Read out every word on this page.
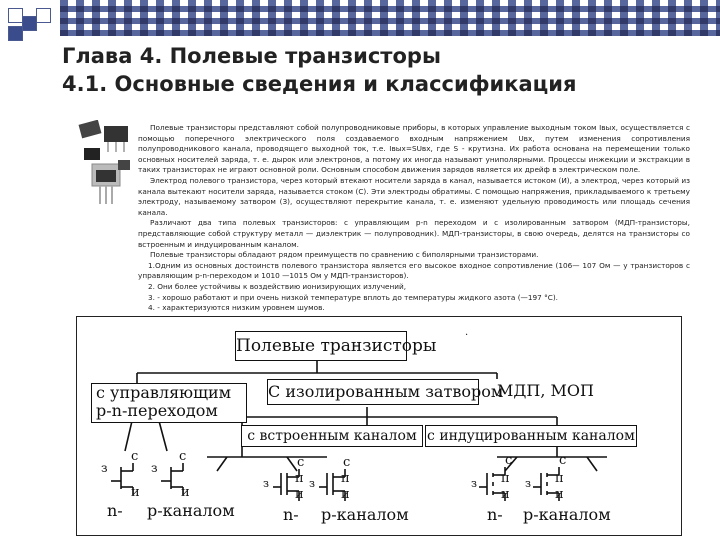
Глава 4. Полевые транзисторы
4.1. Основные сведения и классификация

Полевые транзисторы представляют собой полупроводниковые приборы, в которых управление выходным током Iвых, осуществляется с помощью поперечного электрического поля создаваемого входным напряжением Uвх, путем изменения сопротивления полупроводникового канала, проводящего выходной ток, т.е. Iвых=SUвх, где S - крутизна. Их работа основана на перемещении только основных носителей заряда, т. е. дырок или электронов, а потому их иногда называют униполярными. Процессы инжекции и экстракции в таких транзисторах не играют основной роли. Основным способом движения зарядов является их дрейф в электрическом поле.

Электрод полевого транзистора, через который втекают носители заряда в канал, называется истоком (И), а электрод, через который из канала вытекают носители заряда, называется стоком (С). Эти электроды обратимы. С помощью напряжения, прикладываемого к третьему электроду, называемому затвором (З), осуществляют перекрытие канала, т. е. изменяют удельную проводимость или площадь сечения канала.

Различают два типа полевых транзисторов: с управляющим p-n переходом и с изолированным затвором (МДП-транзисторы, представляющие собой структуру металл — диэлектрик — полупроводник). МДП-транзисторы, в свою очередь, делятся на транзисторы со встроенным и индуцированным каналом.

Полевые транзисторы обладают рядом преимуществ по сравнению с биполярными транзисторами.

1.Одним из основных достоинств полевого транзистора является его высокое входное сопротивление (106— 107 Ом — у транзисторов с управляющим p-n-переходом и 1010 —1015 Ом у МДП-транзисторов).

2. Они более устойчивы к воздействию ионизирующих излучений,

3. - хорошо работают и при очень низкой температуре вплоть до температуры жидкого азота (—197 °С).

4. - характеризуются низким уровнем шумов.

Полевые транзисторы
с управляющим
p-n-переходом
С изолированным затвором
МДП, МОП
с встроенным каналом с индуцированным каналом
.
з
с
и
з
с
и
n- p-каналом
з
с
п
и
з
с
п
и
n- p-каналом
з
с
п
и
з
с
п
и
n- p-каналом
